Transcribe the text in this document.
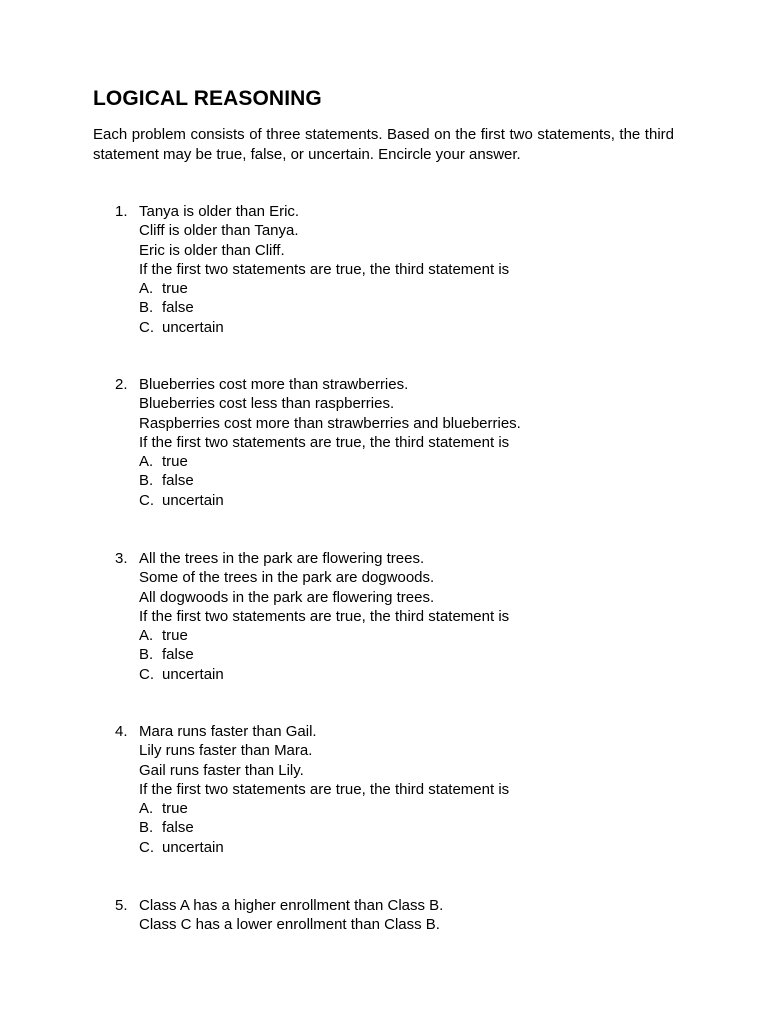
LOGICAL REASONING

Each problem consists of three statements. Based on the first two statements, the third statement may be true, false, or uncertain. Encircle your answer.

1. Tanya is older than Eric.
Cliff is older than Tanya.
Eric is older than Cliff.
If the first two statements are true, the third statement is
A. true
B. false
C. uncertain
2. Blueberries cost more than strawberries.
Blueberries cost less than raspberries.
Raspberries cost more than strawberries and blueberries.
If the first two statements are true, the third statement is
A. true
B. false
C. uncertain
3. All the trees in the park are flowering trees.
Some of the trees in the park are dogwoods.
All dogwoods in the park are flowering trees.
If the first two statements are true, the third statement is
A. true
B. false
C. uncertain
4. Mara runs faster than Gail.
Lily runs faster than Mara.
Gail runs faster than Lily.
If the first two statements are true, the third statement is
A. true
B. false
C. uncertain
5. Class A has a higher enrollment than Class B.
Class C has a lower enrollment than Class B.
